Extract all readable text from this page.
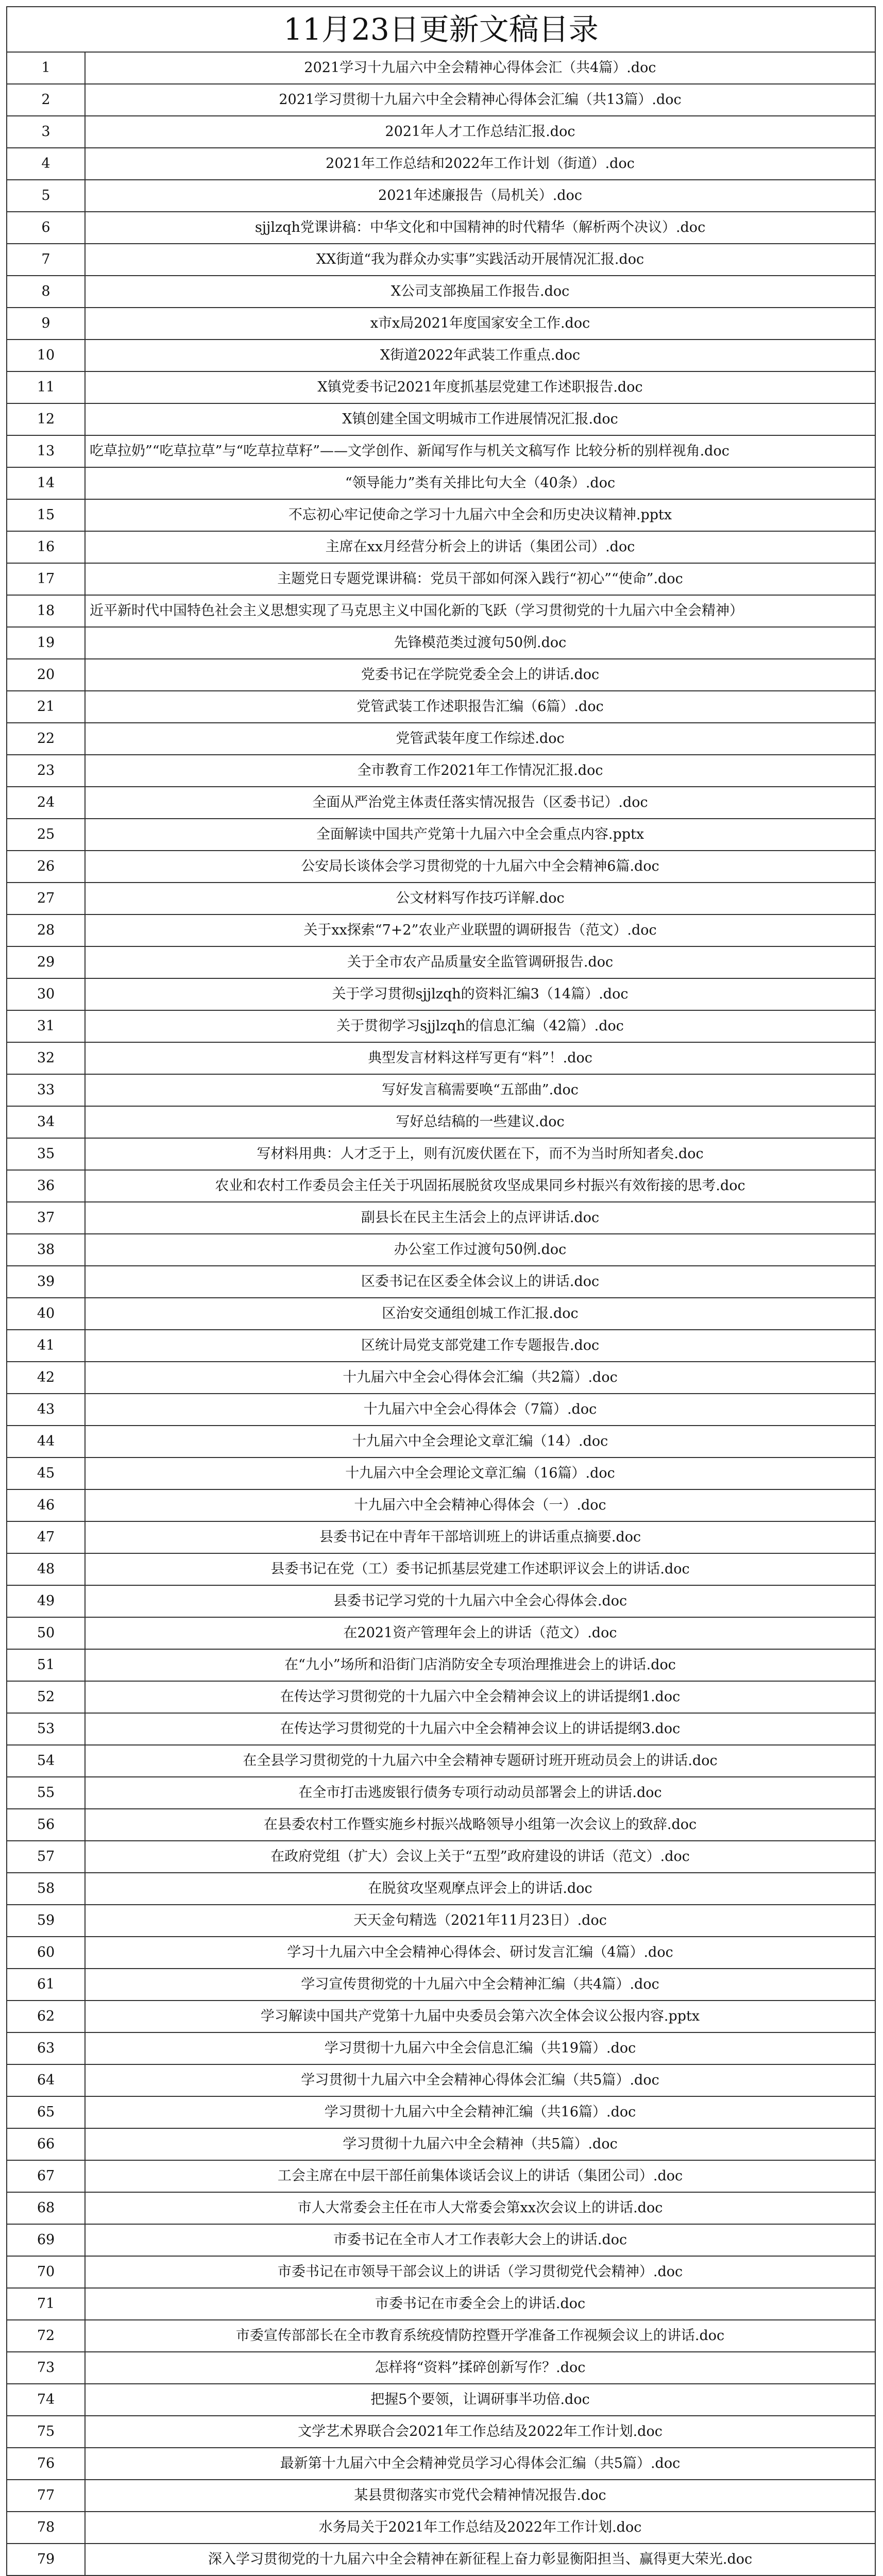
11月23日更新文稿目录
1	2021学习十九届六中全会精神心得体会汇（共4篇）.doc
2	2021学习贯彻十九届六中全会精神心得体会汇编（共13篇）.doc
3	2021年人才工作总结汇报.doc
4	2021年工作总结和2022年工作计划（街道）.doc
5	2021年述廉报告（局机关）.doc
6	sjjlzqh党课讲稿：中华文化和中国精神的时代精华（解析两个决议）.doc
7	XX街道“我为群众办实事”实践活动开展情况汇报.doc
8	X公司支部换届工作报告.doc
9	x市x局2021年度国家安全工作.doc
10	X街道2022年武装工作重点.doc
11	X镇党委书记2021年度抓基层党建工作述职报告.doc
12	X镇创建全国文明城市工作进展情况汇报.doc
13	吃草拉奶”“吃草拉草”与“吃草拉草籽”——文学创作、新闻写作与机关文稿写作 比较分析的别样视角.doc
14	“领导能力”类有关排比句大全（40条）.doc
15	不忘初心牢记使命之学习十九届六中全会和历史决议精神.pptx
16	主席在xx月经营分析会上的讲话（集团公司）.doc
17	主题党日专题党课讲稿：党员干部如何深入践行“初心”“使命”.doc
18	近平新时代中国特色社会主义思想实现了马克思主义中国化新的飞跃（学习贯彻党的十九届六中全会精神）
19	先锋模范类过渡句50例.doc
20	党委书记在学院党委全会上的讲话.doc
21	党管武装工作述职报告汇编（6篇）.doc
22	党管武装年度工作综述.doc
23	全市教育工作2021年工作情况汇报.doc
24	全面从严治党主体责任落实情况报告（区委书记）.doc
25	全面解读中国共产党第十九届六中全会重点内容.pptx
26	公安局长谈体会学习贯彻党的十九届六中全会精神6篇.doc
27	公文材料写作技巧详解.doc
28	关于xx探索“7+2”农业产业联盟的调研报告（范文）.doc
29	关于全市农产品质量安全监管调研报告.doc
30	关于学习贯彻sjjlzqh的资料汇编3（14篇）.doc
31	关于贯彻学习sjjlzqh的信息汇编（42篇）.doc
32	典型发言材料这样写更有“料”！.doc
33	写好发言稿需要唤“五部曲”.doc
34	写好总结稿的一些建议.doc
35	写材料用典：人才乏于上，则有沉废伏匿在下，而不为当时所知者矣.doc
36	农业和农村工作委员会主任关于巩固拓展脱贫攻坚成果同乡村振兴有效衔接的思考.doc
37	副县长在民主生活会上的点评讲话.doc
38	办公室工作过渡句50例.doc
39	区委书记在区委全体会议上的讲话.doc
40	区治安交通组创城工作汇报.doc
41	区统计局党支部党建工作专题报告.doc
42	十九届六中全会心得体会汇编（共2篇）.doc
43	十九届六中全会心得体会（7篇）.doc
44	十九届六中全会理论文章汇编（14）.doc
45	十九届六中全会理论文章汇编（16篇）.doc
46	十九届六中全会精神心得体会（一）.doc
47	县委书记在中青年干部培训班上的讲话重点摘要.doc
48	县委书记在党（工）委书记抓基层党建工作述职评议会上的讲话.doc
49	县委书记学习党的十九届六中全会心得体会.doc
50	在2021资产管理年会上的讲话（范文）.doc
51	在“九小”场所和沿街门店消防安全专项治理推进会上的讲话.doc
52	在传达学习贯彻党的十九届六中全会精神会议上的讲话提纲1.doc
53	在传达学习贯彻党的十九届六中全会精神会议上的讲话提纲3.doc
54	在全县学习贯彻党的十九届六中全会精神专题研讨班开班动员会上的讲话.doc
55	在全市打击逃废银行债务专项行动动员部署会上的讲话.doc
56	在县委农村工作暨实施乡村振兴战略领导小组第一次会议上的致辞.doc
57	在政府党组（扩大）会议上关于“五型”政府建设的讲话（范文）.doc
58	在脱贫攻坚观摩点评会上的讲话.doc
59	天天金句精选（2021年11月23日）.doc
60	学习十九届六中全会精神心得体会、研讨发言汇编（4篇）.doc
61	学习宣传贯彻党的十九届六中全会精神汇编（共4篇）.doc
62	学习解读中国共产党第十九届中央委员会第六次全体会议公报内容.pptx
63	学习贯彻十九届六中全会信息汇编（共19篇）.doc
64	学习贯彻十九届六中全会精神心得体会汇编（共5篇）.doc
65	学习贯彻十九届六中全会精神汇编（共16篇）.doc
66	学习贯彻十九届六中全会精神（共5篇）.doc
67	工会主席在中层干部任前集体谈话会议上的讲话（集团公司）.doc
68	市人大常委会主任在市人大常委会第xx次会议上的讲话.doc
69	市委书记在全市人才工作表彰大会上的讲话.doc
70	市委书记在市领导干部会议上的讲话（学习贯彻党代会精神）.doc
71	市委书记在市委全会上的讲话.doc
72	市委宣传部部长在全市教育系统疫情防控暨开学准备工作视频会议上的讲话.doc
73	怎样将“资料”揉碎创新写作？.doc
74	把握5个要领，让调研事半功倍.doc
75	文学艺术界联合会2021年工作总结及2022年工作计划.doc
76	最新第十九届六中全会精神党员学习心得体会汇编（共5篇）.doc
77	某县贯彻落实市党代会精神情况报告.doc
78	水务局关于2021年工作总结及2022年工作计划.doc
79	深入学习贯彻党的十九届六中全会精神在新征程上奋力彰显衡阳担当、赢得更大荣光.doc
